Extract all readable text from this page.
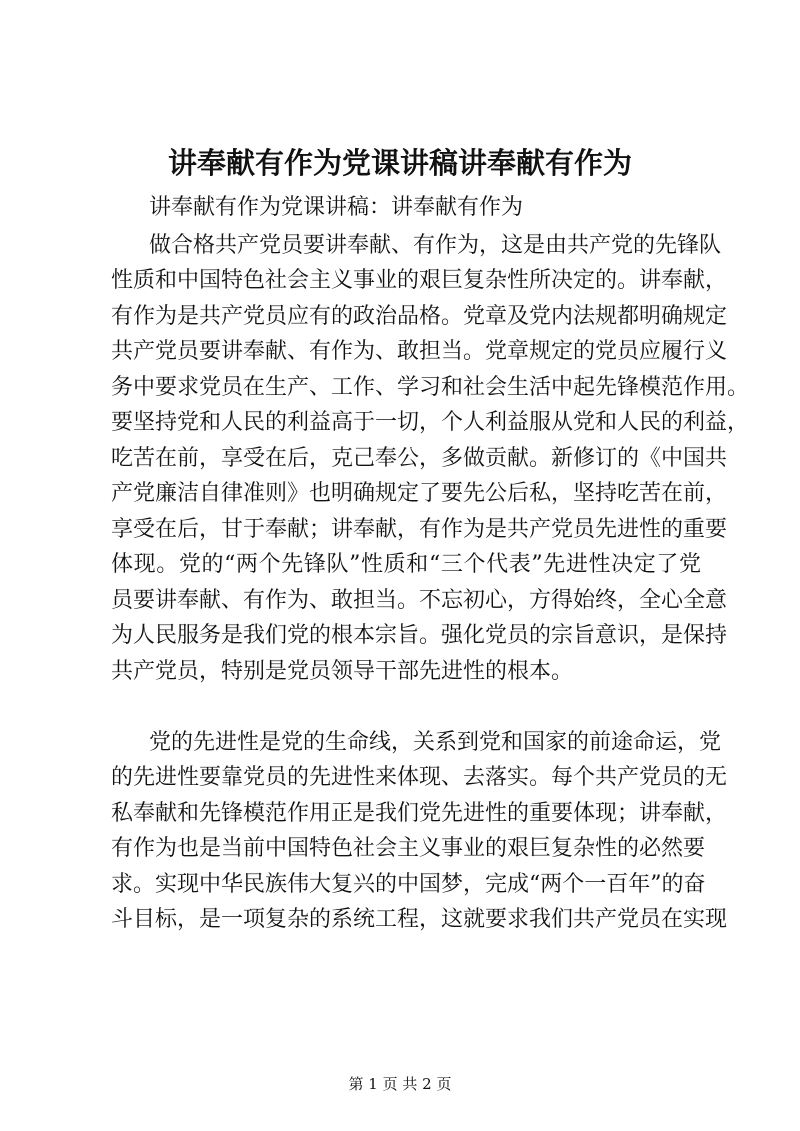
讲奉献有作为党课讲稿讲奉献有作为

讲奉献有作为党课讲稿：讲奉献有作为

做合格共产党员要讲奉献、有作为，这是由共产党的先锋队

性质和中国特色社会主义事业的艰巨复杂性所决定的。讲奉献，

有作为是共产党员应有的政治品格。党章及党内法规都明确规定

共产党员要讲奉献、有作为、敢担当。党章规定的党员应履行义

务中要求党员在生产、工作、学习和社会生活中起先锋模范作用。

要坚持党和人民的利益高于一切，个人利益服从党和人民的利益，

吃苦在前，享受在后，克己奉公，多做贡献。新修订的《中国共

产党廉洁自律准则》也明确规定了要先公后私，坚持吃苦在前，

享受在后，甘于奉献；讲奉献，有作为是共产党员先进性的重要

体现。党的“两个先锋队”性质和“三个代表”先进性决定了党

员要讲奉献、有作为、敢担当。不忘初心，方得始终，全心全意

为人民服务是我们党的根本宗旨。强化党员的宗旨意识，是保持

共产党员，特别是党员领导干部先进性的根本。

党的先进性是党的生命线，关系到党和国家的前途命运，党

的先进性要靠党员的先进性来体现、去落实。每个共产党员的无

私奉献和先锋模范作用正是我们党先进性的重要体现；讲奉献，

有作为也是当前中国特色社会主义事业的艰巨复杂性的必然要

求。实现中华民族伟大复兴的中国梦，完成“两个一百年”的奋

斗目标，是一项复杂的系统工程，这就要求我们共产党员在实现

第 1 页 共 2 页
